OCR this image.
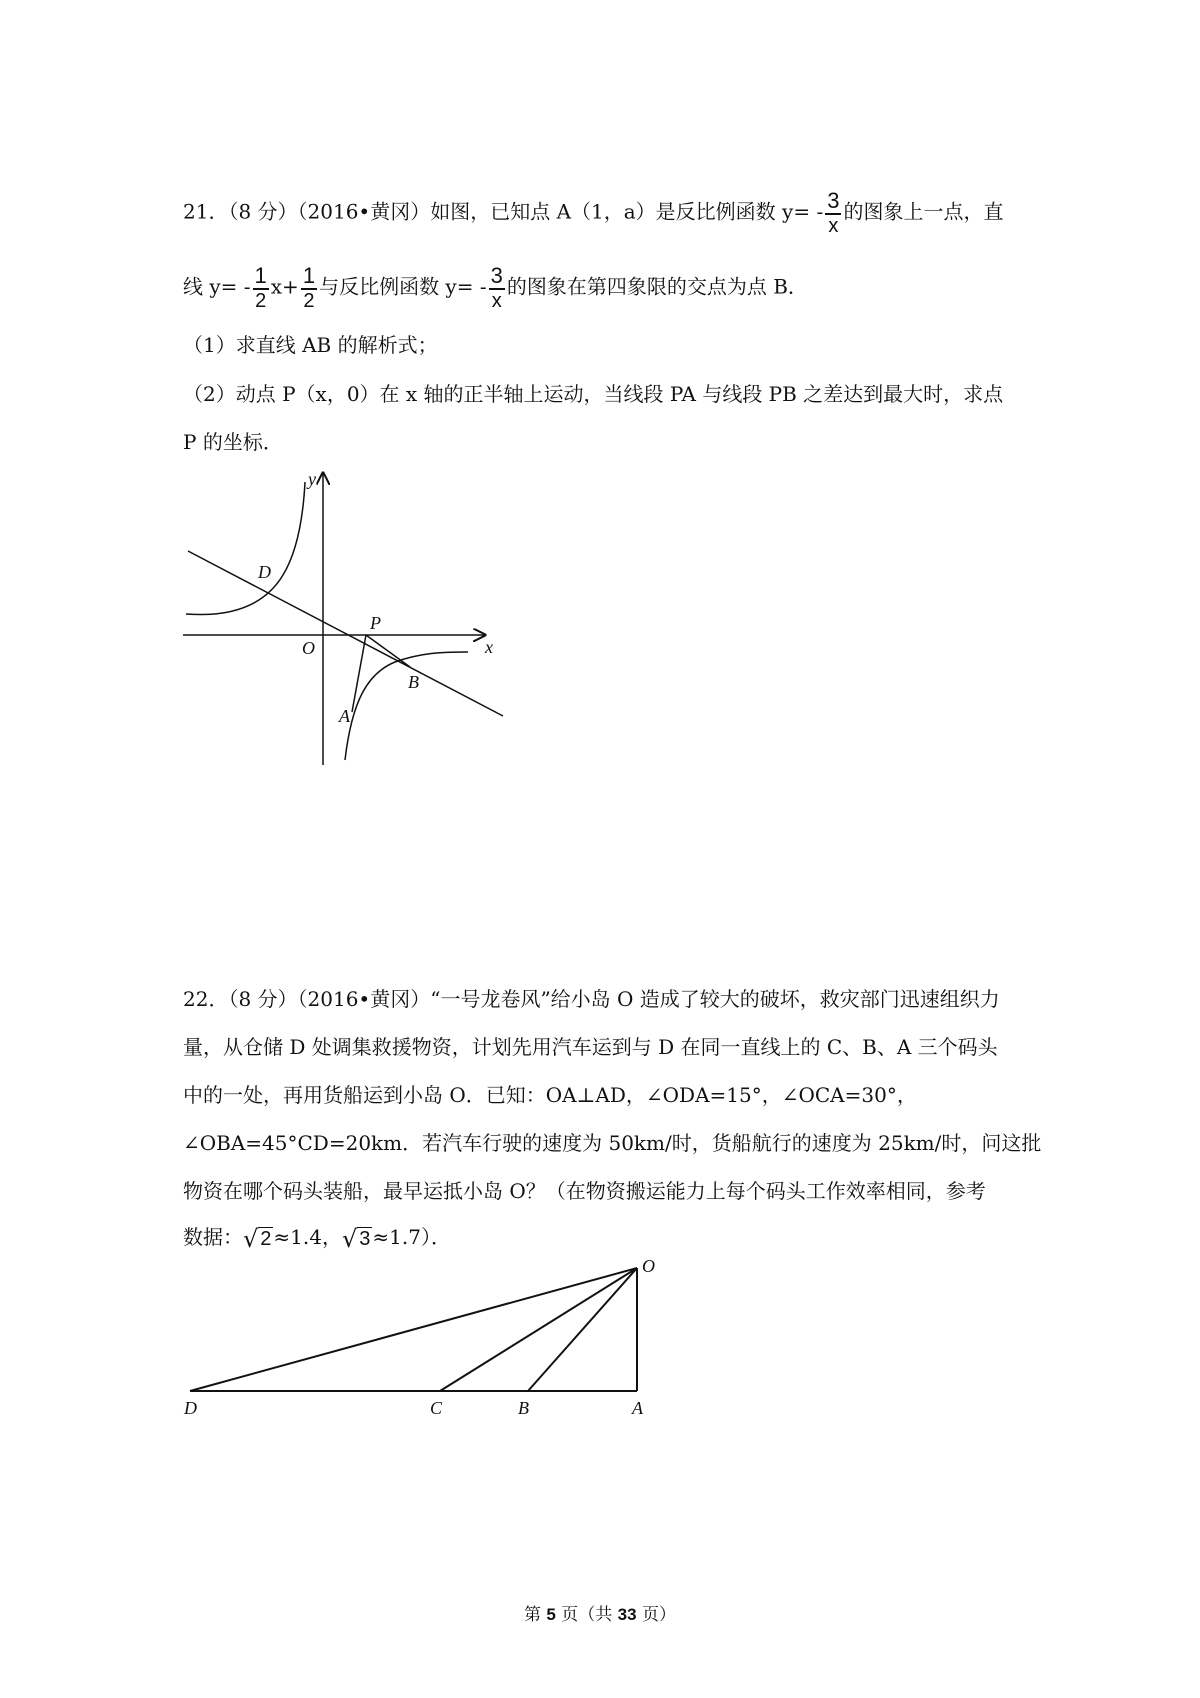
21．（8 分）（2016•黄冈）如图，已知点 A（1，a）是反比例函数 $y= - \frac{3}{x}$ 的图象上一点，直
线 $y= - \frac{1}{2} x+ \frac{1}{2}$ 与反比例函数 $y= - \frac{3}{x}$ 的图象在第四象限的交点为点 B．
（1）求直线 AB 的解析式；
（2）动点 P（x，0）在 x 轴的正半轴上运动，当线段 PA 与线段 PB 之差达到最大时，求点
P 的坐标．
y
x
O
D
P
B
A
22．（8 分）（2016•黄冈）“一号龙卷风”给小岛 O 造成了较大的破坏，救灾部门迅速组织力
量，从仓储 D 处调集救援物资，计划先用汽车运到与 D 在同一直线上的 C、B、A 三个码头
中的一处，再用货船运到小岛 O．已知：OA⊥AD，∠ODA=15°，∠OCA=30°，
∠OBA=45°CD=20km．若汽车行驶的速度为 50km/时，货船航行的速度为 25km/时，问这批
物资在哪个码头装船，最早运抵小岛 O？（在物资搬运能力上每个码头工作效率相同，参考
数据： √ 2 ≈1.4， √ 3 ≈1.7）．
O
D	C	B	A
第 5 页（共 33 页）
